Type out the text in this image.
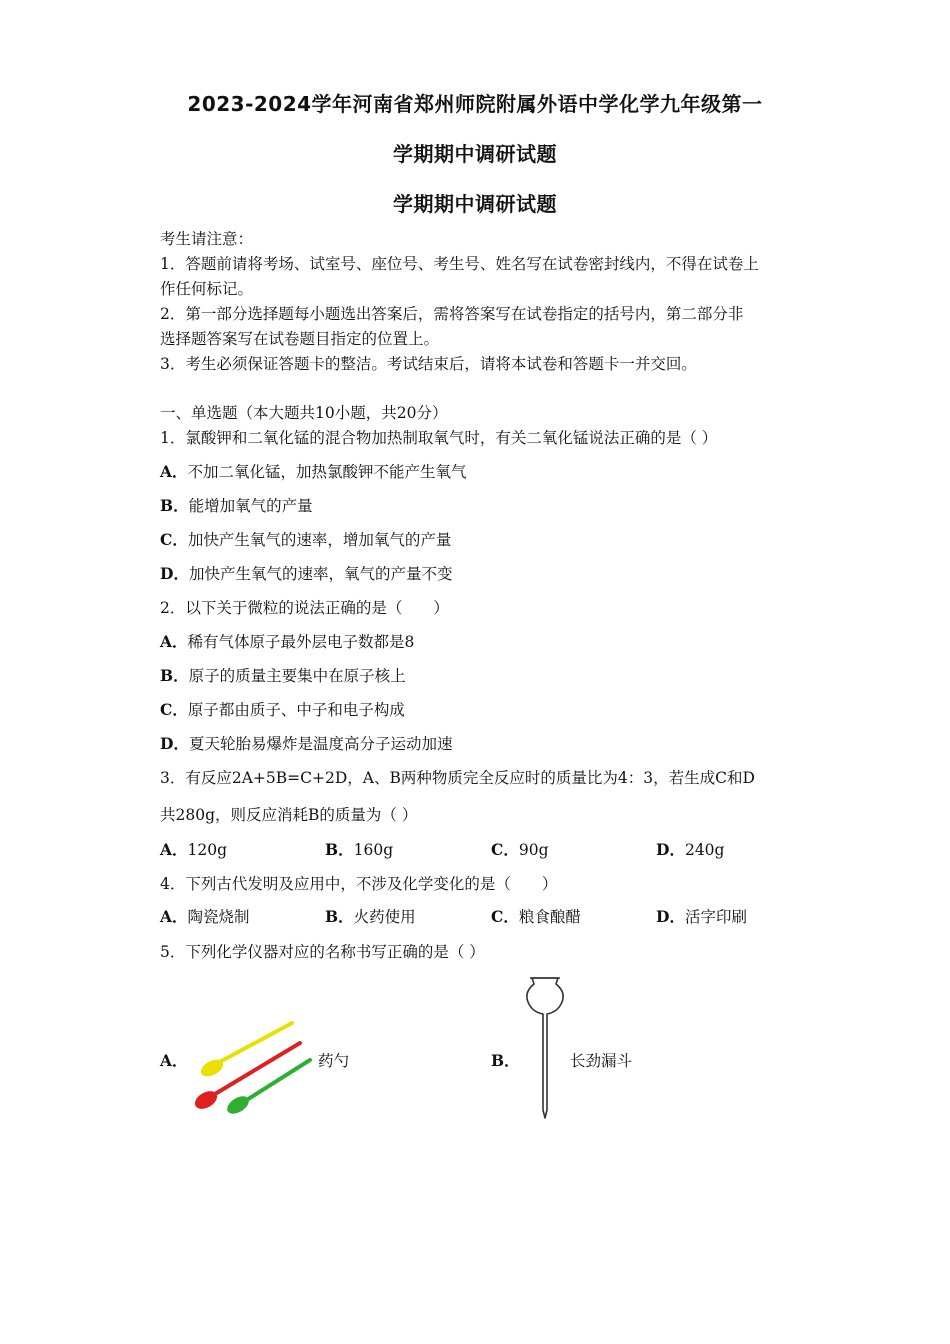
2023-2024学年河南省郑州师院附属外语中学化学九年级第一
学期期中调研试题
学期期中调研试题
考生请注意：
1．答题前请将考场、试室号、座位号、考生号、姓名写在试卷密封线内，不得在试卷上
作任何标记。
2．第一部分选择题每小题选出答案后，需将答案写在试卷指定的括号内，第二部分非
选择题答案写在试卷题目指定的位置上。
3．考生必须保证答题卡的整洁。考试结束后，请将本试卷和答题卡一并交回。
一、单选题（本大题共10小题，共20分）
1．氯酸钾和二氧化锰的混合物加热制取氧气时，有关二氧化锰说法正确的是（ ）
A．不加二氧化锰，加热氯酸钾不能产生氧气
B．能增加氧气的产量
C．加快产生氧气的速率，增加氧气的产量
D．加快产生氧气的速率，氧气的产量不变
2．以下关于微粒的说法正确的是（　　）
A．稀有气体原子最外层电子数都是8
B．原子的质量主要集中在原子核上
C．原子都由质子、中子和电子构成
D．夏天轮胎易爆炸是温度高分子运动加速
3．有反应2A+5B=C+2D，A、B两种物质完全反应时的质量比为4：3，若生成C和D
共280g，则反应消耗B的质量为（ ）
A．120g	B．160g	C．90g	D．240g
4．下列古代发明及应用中，不涉及化学变化的是（　　）
A．陶瓷烧制	B．火药使用	C．粮食酿醋	D．活字印刷
5．下列化学仪器对应的名称书写正确的是（ ）
A．	药勺	B．	长劲漏斗
